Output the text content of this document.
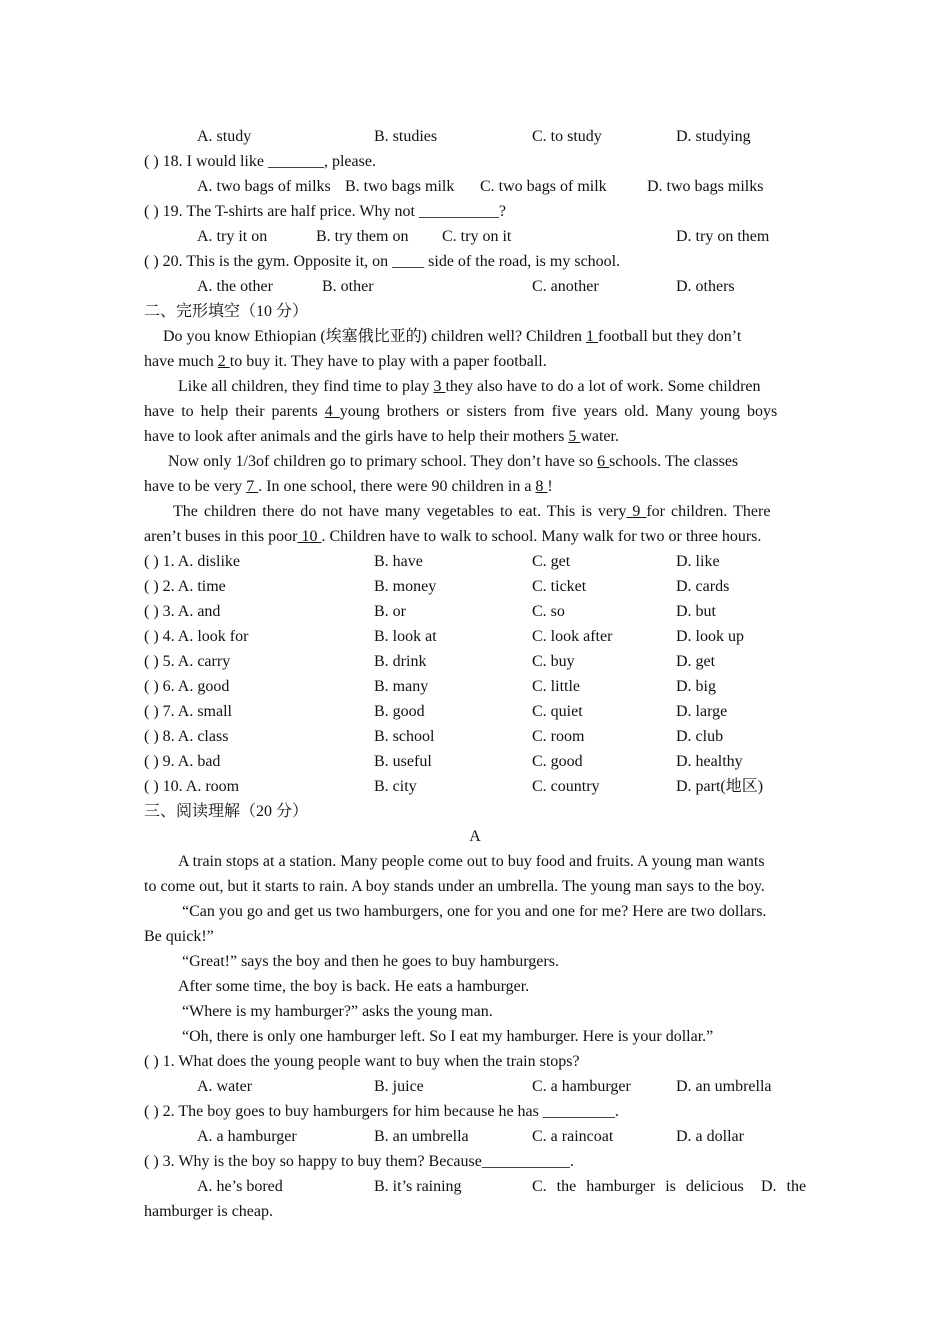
A. study	B. studies	C. to study	D. studying
( ) 18. I would like _______, please.
A. two bags of milks B. two bags milk C. two bags of milk	D. two bags milks
( ) 19. The T-shirts are half price. Why not __________?
A. try it on	B. try them on C. try on it	D. try on them
( ) 20. This is the gym. Opposite it, on ____ side of the road, is my school.
A. the other	B. other	C. another	D. others
二、完形填空（10 分）
Do you know Ethiopian (埃塞俄比亚的) children well? Children 1 football but they don’t
have much 2 to buy it. They have to play with a paper football.
Like all children, they find time to play 3 they also have to do a lot of work. Some children
have to help their parents 4 young brothers or sisters from five years old. Many young boys
have to look after animals and the girls have to help their mothers 5 water.
Now only 1/3of children go to primary school. They don’t have so 6 schools. The classes
have to be very 7 . In one school, there were 90 children in a 8 !
The children there do not have many vegetables to eat. This is very 9 for children. There
aren’t buses in this poor 10 . Children have to walk to school. Many walk for two or three hours.
( ) 1. A. dislike	B. have	C. get	D. like
( ) 2. A. time	B. money	C. ticket	D. cards
( ) 3. A. and	B. or	C. so	D. but
( ) 4. A. look for	B. look at	C. look after	D. look up
( ) 5. A. carry	B. drink	C. buy	D. get
( ) 6. A. good	B. many	C. little	D. big
( ) 7. A. small	B. good	C. quiet	D. large
( ) 8. A. class	B. school	C. room	D. club
( ) 9. A. bad	B. useful	C. good	D. healthy
( ) 10. A. room	B. city	C. country	D. part(地区)
三、阅读理解（20 分）
A
A train stops at a station. Many people come out to buy food and fruits. A young man wants
to come out, but it starts to rain. A boy stands under an umbrella. The young man says to the boy.
“Can you go and get us two hamburgers, one for you and one for me? Here are two dollars.
Be quick!”
“Great!” says the boy and then he goes to buy hamburgers.
After some time, the boy is back. He eats a hamburger.
“Where is my hamburger?” asks the young man.
“Oh, there is only one hamburger left. So I eat my hamburger. Here is your dollar.”
( ) 1. What does the young people want to buy when the train stops?
A. water	B. juice	C. a hamburger	D. an umbrella
( ) 2. The boy goes to buy hamburgers for him because he has _________.
A. a hamburger	B. an umbrella	C. a raincoat	D. a dollar
( ) 3. Why is the boy so happy to buy them? Because___________.
A. he’s bored	B. it’s raining	C. the hamburger is delicious D. the
hamburger is cheap.
